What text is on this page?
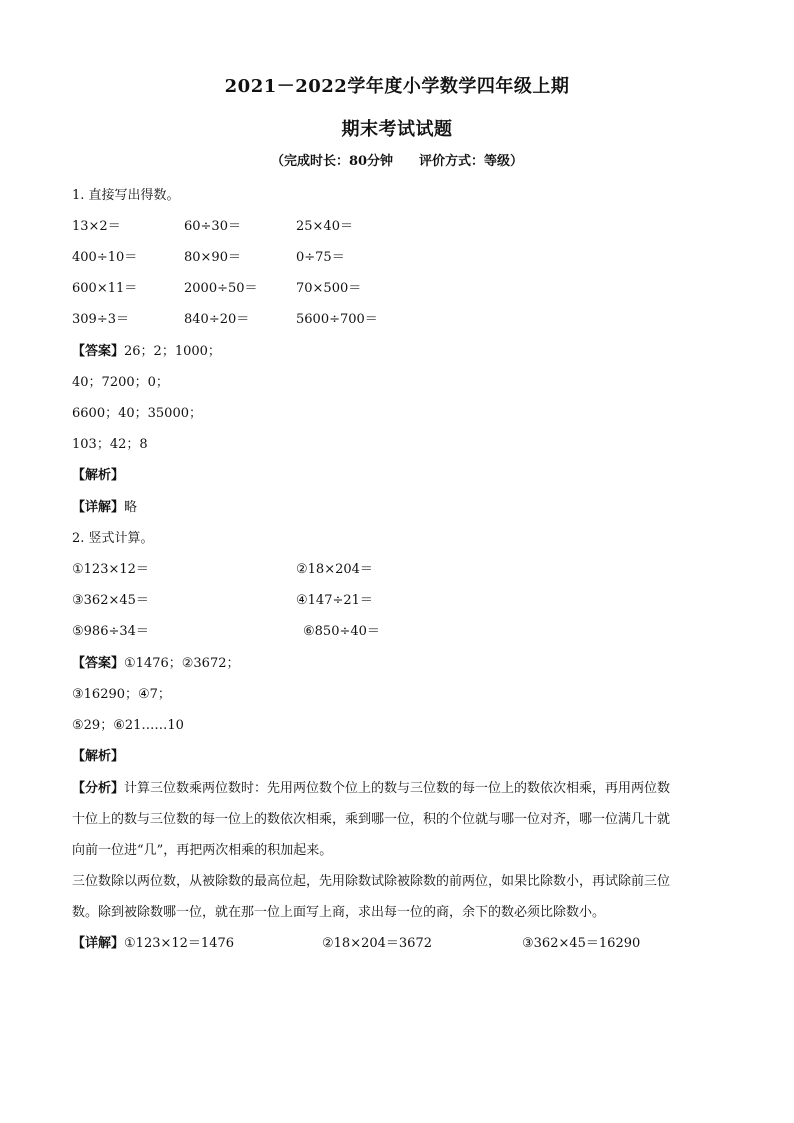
2021－2022学年度小学数学四年级上期
期末考试试题
（完成时长：80分钟 评价方式：等级）
1. 直接写出得数。
13×2＝	60÷30＝	25×40＝
400÷10＝	80×90＝	0÷75＝
600×11＝	2000÷50＝	70×500＝
309÷3＝	840÷20＝	5600÷700＝
【答案】26；2；1000；
40；7200；0；
6600；40；35000；
103；42；8
【解析】
【详解】略
2. 竖式计算。
①123×12＝	②18×204＝
③362×45＝	④147÷21＝
⑤986÷34＝	⑥850÷40＝
【答案】①1476；②3672；
③16290；④7；
⑤29；⑥21……10
【解析】
【分析】计算三位数乘两位数时：先用两位数个位上的数与三位数的每一位上的数依次相乘，再用两位数
十位上的数与三位数的每一位上的数依次相乘，乘到哪一位，积的个位就与哪一位对齐，哪一位满几十就
向前一位进“几”，再把两次相乘的积加起来。
三位数除以两位数，从被除数的最高位起，先用除数试除被除数的前两位，如果比除数小，再试除前三位
数。除到被除数哪一位，就在那一位上面写上商，求出每一位的商，余下的数必须比除数小。
【详解】①123×12＝1476	②18×204＝3672	③362×45＝16290
